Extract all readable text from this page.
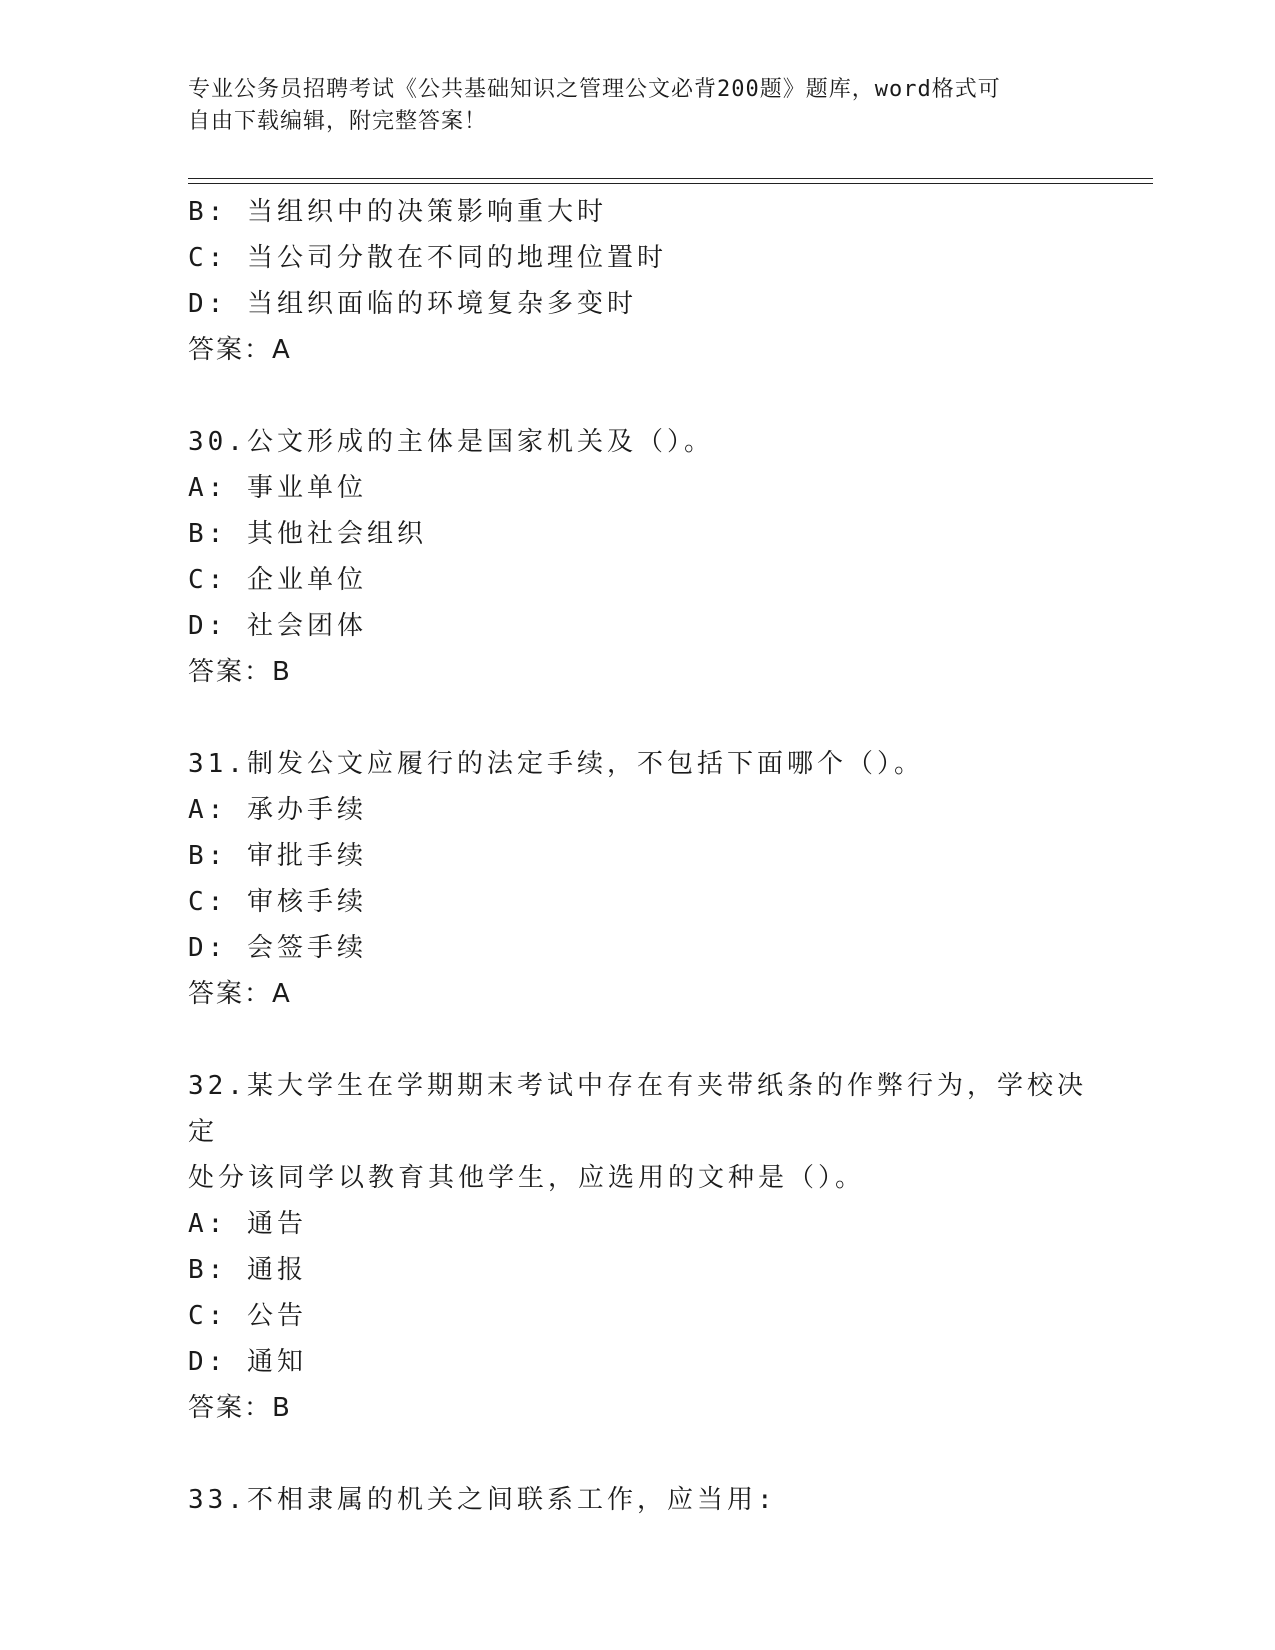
专业公务员招聘考试《公共基础知识之管理公文必背200题》题库，word格式可
自由下载编辑，附完整答案！
B: 当组织中的决策影响重大时
C: 当公司分散在不同的地理位置时
D: 当组织面临的环境复杂多变时
答案：A
30.公文形成的主体是国家机关及（）。
A: 事业单位
B: 其他社会组织
C: 企业单位
D: 社会团体
答案：B
31.制发公文应履行的法定手续，不包括下面哪个（）。
A: 承办手续
B: 审批手续
C: 审核手续
D: 会签手续
答案：A
32.某大学生在学期期末考试中存在有夹带纸条的作弊行为，学校决定
处分该同学以教育其他学生，应选用的文种是（）。
A: 通告
B: 通报
C: 公告
D: 通知
答案：B
33.不相隶属的机关之间联系工作，应当用:
